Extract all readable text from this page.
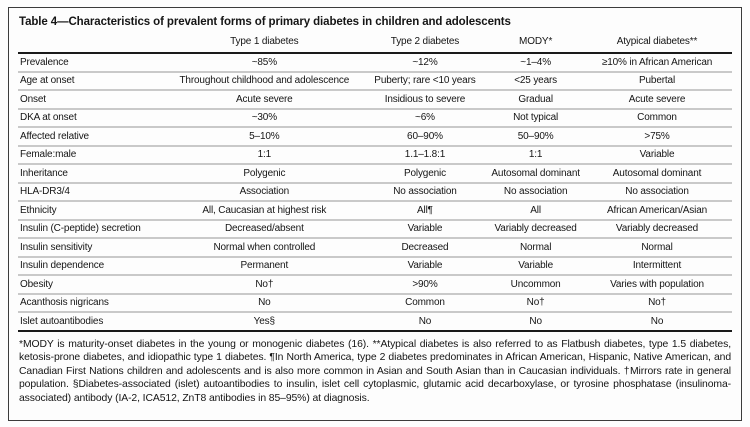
Table 4—Characteristics of prevalent forms of primary diabetes in children and adolescents
	Type 1 diabetes	Type 2 diabetes	MODY*	Atypical diabetes**
Prevalence	~85%	~12%	~1–4%	≥10% in African American
Age at onset	Throughout childhood and adolescence	Puberty; rare <10 years	<25 years	Pubertal
Onset	Acute severe	Insidious to severe	Gradual	Acute severe
DKA at onset	~30%	~6%	Not typical	Common
Affected relative	5–10%	60–90%	50–90%	>75%
Female:male	1:1	1.1–1.8:1	1:1	Variable
Inheritance	Polygenic	Polygenic	Autosomal dominant	Autosomal dominant
HLA-DR3/4	Association	No association	No association	No association
Ethnicity	All, Caucasian at highest risk	All¶	All	African American/Asian
Insulin (C-peptide) secretion	Decreased/absent	Variable	Variably decreased	Variably decreased
Insulin sensitivity	Normal when controlled	Decreased	Normal	Normal
Insulin dependence	Permanent	Variable	Variable	Intermittent
Obesity	No†	>90%	Uncommon	Varies with population
Acanthosis nigricans	No	Common	No†	No†
Islet autoantibodies	Yes§	No	No	No
*MODY is maturity-onset diabetes in the young or monogenic diabetes (16). **Atypical diabetes is also referred to as Flatbush diabetes, type 1.5 diabetes, ketosis-prone diabetes, and idiopathic type 1 diabetes. ¶In North America, type 2 diabetes predominates in African American, Hispanic, Native American, and Canadian First Nations children and adolescents and is also more common in Asian and South Asian than in Caucasian individuals. †Mirrors rate in general population. §Diabetes-associated (islet) autoantibodies to insulin, islet cell cytoplasmic, glutamic acid decarboxylase, or tyrosine phosphatase (insulinoma-associated) antibody (IA-2, ICA512, ZnT8 antibodies in 85–95%) at diagnosis.
